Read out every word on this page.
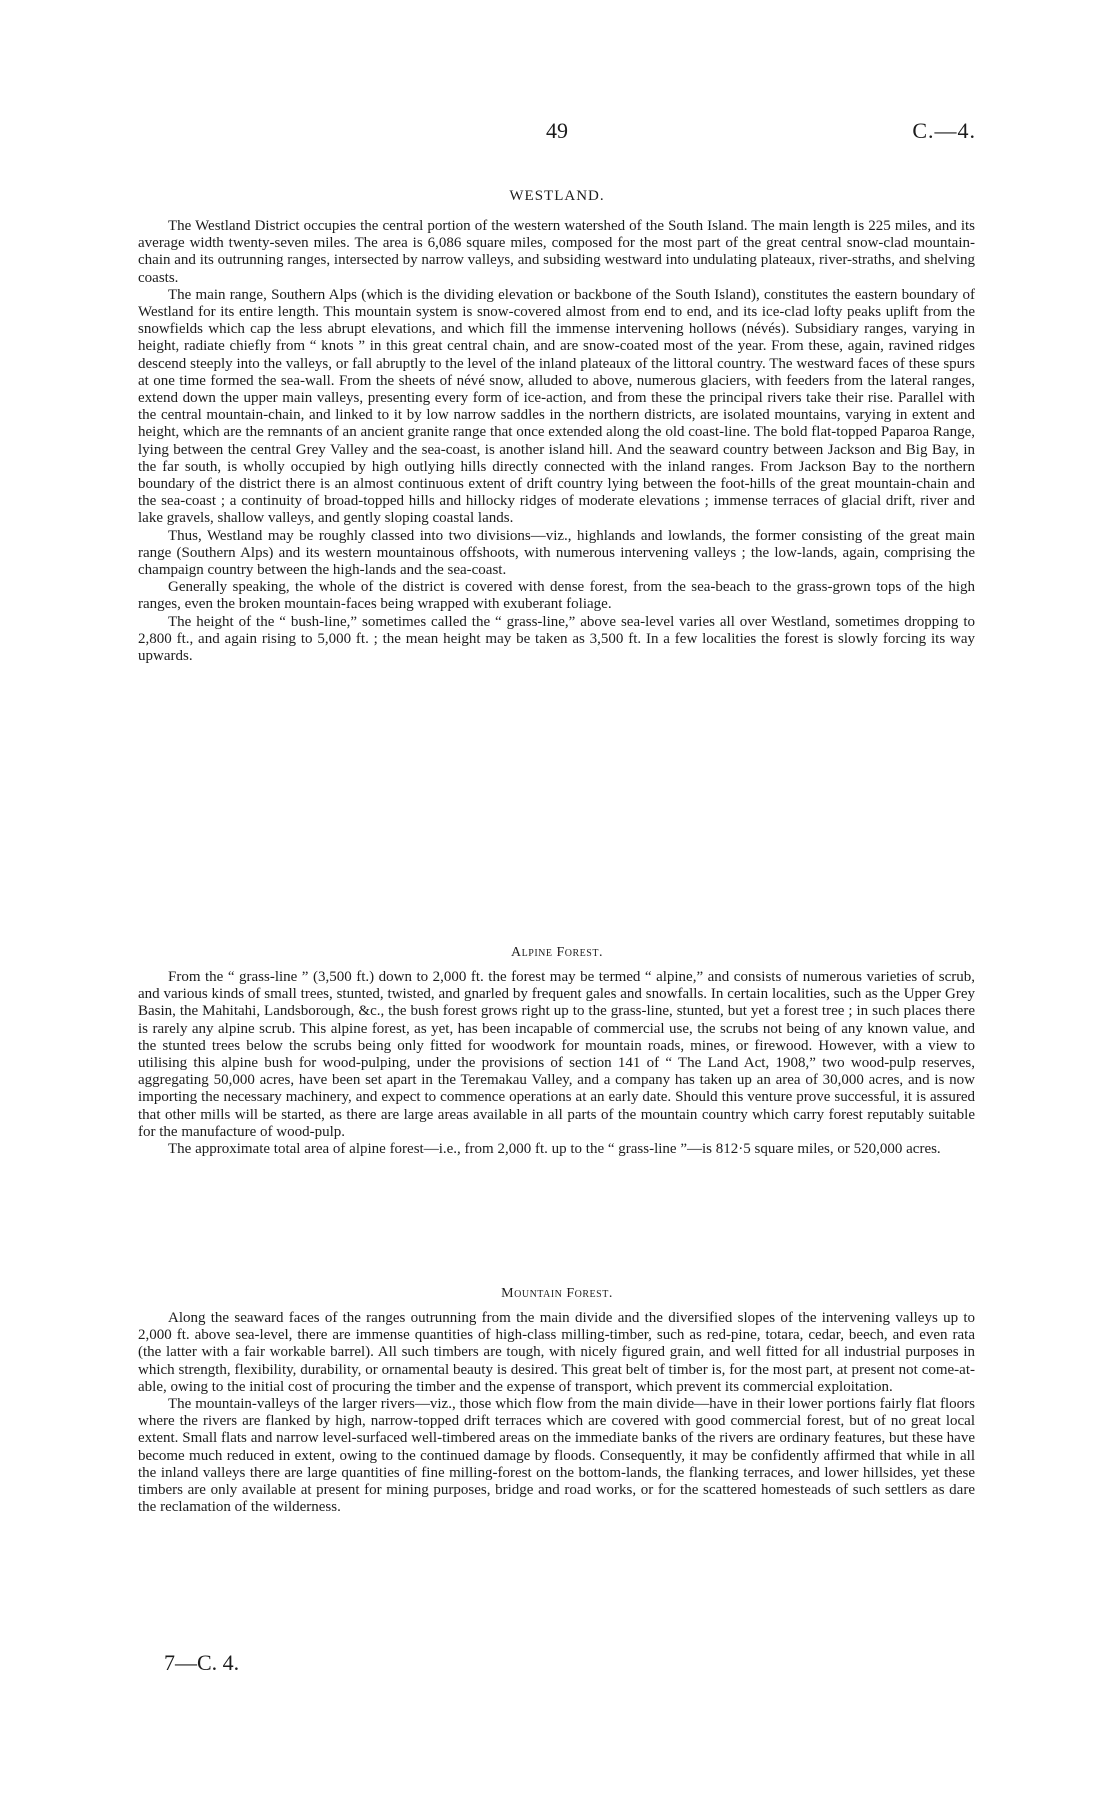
49	C.—4.
WESTLAND.

The Westland District occupies the central portion of the western watershed of the South Island. The main length is 225 miles, and its average width twenty-seven miles. The area is 6,086 square miles, composed for the most part of the great central snow-clad mountain-chain and its outrunning ranges, intersected by narrow valleys, and subsiding westward into undulating plateaux, river-straths, and shelving coasts.

The main range, Southern Alps (which is the dividing elevation or backbone of the South Island), constitutes the eastern boundary of Westland for its entire length. This mountain system is snow-covered almost from end to end, and its ice-clad lofty peaks uplift from the snowfields which cap the less abrupt elevations, and which fill the immense intervening hollows (névés). Subsidiary ranges, varying in height, radiate chiefly from “ knots ” in this great central chain, and are snow-coated most of the year. From these, again, ravined ridges descend steeply into the valleys, or fall abruptly to the level of the inland plateaux of the littoral country. The westward faces of these spurs at one time formed the sea-wall. From the sheets of névé snow, alluded to above, numerous glaciers, with feeders from the lateral ranges, extend down the upper main valleys, presenting every form of ice-action, and from these the principal rivers take their rise. Parallel with the central mountain-chain, and linked to it by low narrow saddles in the northern districts, are isolated mountains, varying in extent and height, which are the remnants of an ancient granite range that once extended along the old coast-line. The bold flat-topped Paparoa Range, lying between the central Grey Valley and the sea-coast, is another island hill. And the seaward country between Jackson and Big Bay, in the far south, is wholly occupied by high outlying hills directly connected with the inland ranges. From Jackson Bay to the northern boundary of the district there is an almost continuous extent of drift country lying between the foot-hills of the great mountain-chain and the sea-coast ; a continuity of broad-topped hills and hillocky ridges of moderate elevations ; immense terraces of glacial drift, river and lake gravels, shallow valleys, and gently sloping coastal lands.

Thus, Westland may be roughly classed into two divisions—viz., highlands and lowlands, the former consisting of the great main range (Southern Alps) and its western mountainous offshoots, with numerous intervening valleys ; the low-lands, again, comprising the champaign country between the high-lands and the sea-coast.

Generally speaking, the whole of the district is covered with dense forest, from the sea-beach to the grass-grown tops of the high ranges, even the broken mountain-faces being wrapped with exuberant foliage.

The height of the “ bush-line,” sometimes called the “ grass-line,” above sea-level varies all over Westland, sometimes dropping to 2,800 ft., and again rising to 5,000 ft. ; the mean height may be taken as 3,500 ft. In a few localities the forest is slowly forcing its way upwards.

Alpine Forest.

From the “ grass-line ” (3,500 ft.) down to 2,000 ft. the forest may be termed “ alpine,” and consists of numerous varieties of scrub, and various kinds of small trees, stunted, twisted, and gnarled by frequent gales and snowfalls. In certain localities, such as the Upper Grey Basin, the Mahitahi, Landsborough, &c., the bush forest grows right up to the grass-line, stunted, but yet a forest tree ; in such places there is rarely any alpine scrub. This alpine forest, as yet, has been incapable of commercial use, the scrubs not being of any known value, and the stunted trees below the scrubs being only fitted for woodwork for mountain roads, mines, or firewood. However, with a view to utilising this alpine bush for wood-pulping, under the provisions of section 141 of “ The Land Act, 1908,” two wood-pulp reserves, aggregating 50,000 acres, have been set apart in the Teremakau Valley, and a company has taken up an area of 30,000 acres, and is now importing the necessary machinery, and expect to commence operations at an early date. Should this venture prove successful, it is assured that other mills will be started, as there are large areas available in all parts of the mountain country which carry forest reputably suitable for the manufacture of wood-pulp.

The approximate total area of alpine forest—i.e., from 2,000 ft. up to the “ grass-line ”—is 812·5 square miles, or 520,000 acres.

Mountain Forest.

Along the seaward faces of the ranges outrunning from the main divide and the diversified slopes of the intervening valleys up to 2,000 ft. above sea-level, there are immense quantities of high-class milling-timber, such as red-pine, totara, cedar, beech, and even rata (the latter with a fair workable barrel). All such timbers are tough, with nicely figured grain, and well fitted for all industrial purposes in which strength, flexibility, durability, or ornamental beauty is desired. This great belt of timber is, for the most part, at present not come-at-able, owing to the initial cost of procuring the timber and the expense of transport, which prevent its commercial exploitation.

The mountain-valleys of the larger rivers—viz., those which flow from the main divide—have in their lower portions fairly flat floors where the rivers are flanked by high, narrow-topped drift terraces which are covered with good commercial forest, but of no great local extent. Small flats and narrow level-surfaced well-timbered areas on the immediate banks of the rivers are ordinary features, but these have become much reduced in extent, owing to the continued damage by floods. Consequently, it may be confidently affirmed that while in all the inland valleys there are large quantities of fine milling-forest on the bottom-lands, the flanking terraces, and lower hillsides, yet these timbers are only available at present for mining purposes, bridge and road works, or for the scattered homesteads of such settlers as dare the reclamation of the wilderness.

7—C. 4.
